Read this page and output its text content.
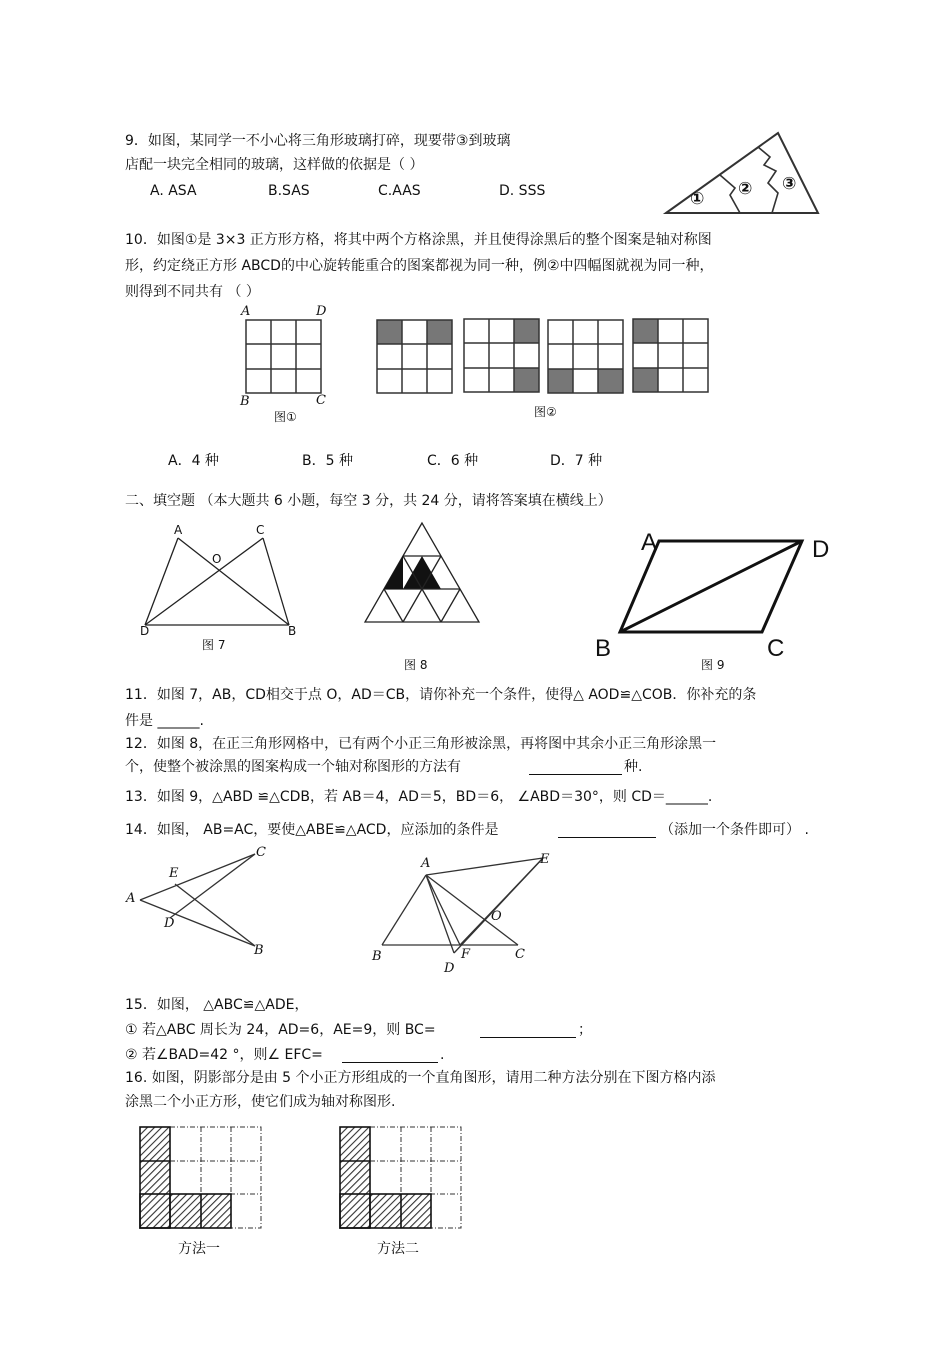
9．如图，某同学一不小心将三角形玻璃打碎，现要带③到玻璃
店配一块完全相同的玻璃，这样做的依据是（ ）
A. ASA	B.SAS	C.AAS	D. SSS	① ② ③
10．如图①是 3×3 正方形方格，将其中两个方格涂黑，并且使得涂黑后的整个图案是轴对称图
形，约定绕正方形 ABCD的中心旋转能重合的图案都视为同一种，例②中四幅图就视为同一种，
则得到不同共有 （ ）
A	D
B	C
图①	图②
A．4 种	B．5 种	C．6 种	D．7 种
二、填空题 （本大题共 6 小题，每空 3 分，共 24 分，请将答案填在横线上）
A	C
O
D	B
图 7
图 8
A	D
B	C
图 9
11．如图 7，AB，CD相交于点 O，AD＝CB，请你补充一个条件，使得△ AOD≌△COB．你补充的条
件是 ______.
12．如图 8，在正三角形网格中，已有两个小正三角形被涂黑，再将图中其余小正三角形涂黑一
个，使整个被涂黑的图案构成一个轴对称图形的方法有	种.
13．如图 9，△ABD ≌△CDB，若 AB＝4，AD＝5，BD＝6， ∠ABD＝30°，则 CD＝______.
14．如图， AB=AC，要使△ABE≌△ACD，应添加的条件是	（添加一个条件即可） .
C
E
A
D
B
A	E
O
B
D
F	C
15．如图， △ABC≌△ADE，
① 若△ABC 周长为 24，AD=6，AE=9，则 BC=	；
② 若∠BAD=42 °，则∠ EFC=	.
16. 如图，阴影部分是由 5 个小正方形组成的一个直角图形，请用二种方法分别在下图方格内添
涂黑二个小正方形，使它们成为轴对称图形.
方法一	方法二
